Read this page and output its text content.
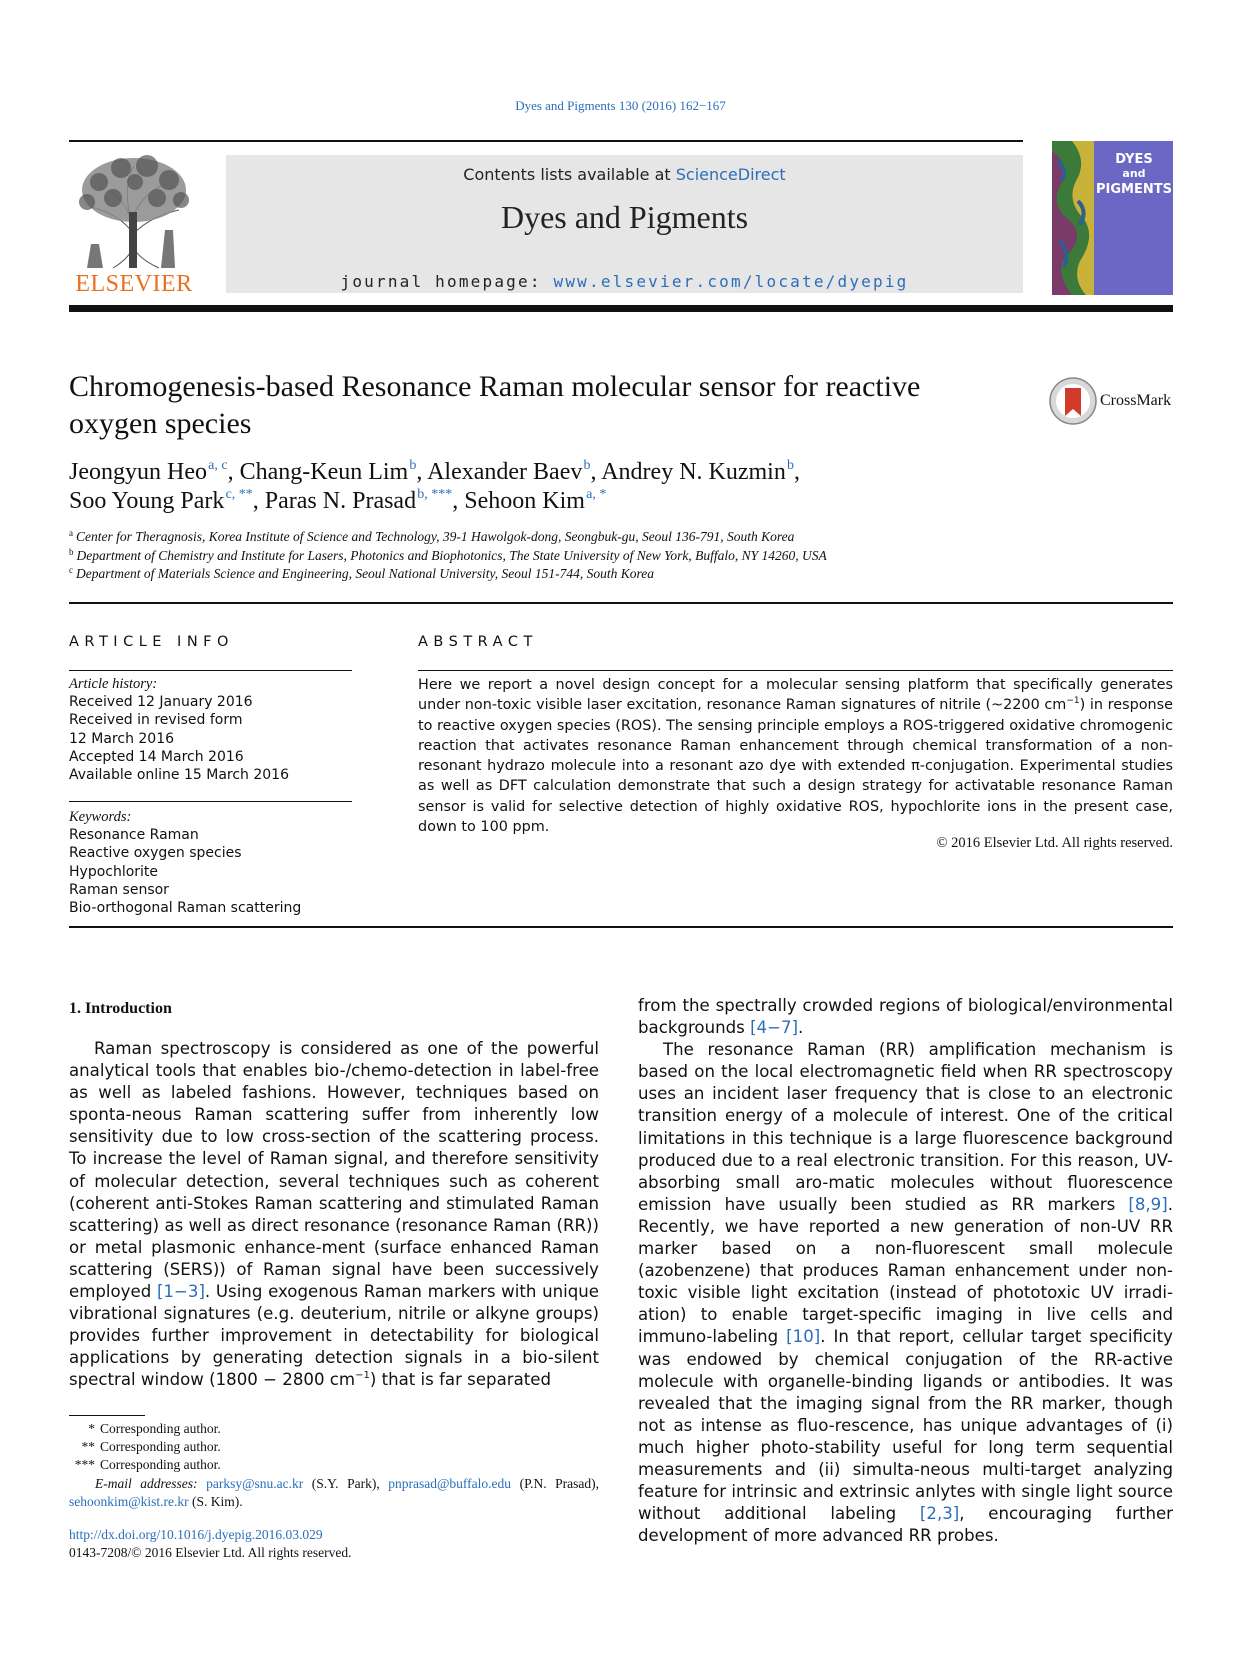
Dyes and Pigments 130 (2016) 162−167
ELSEVIER
Contents lists available at ScienceDirect
Dyes and Pigments
journal homepage: www.elsevier.com/locate/dyepig
DYES
and
PIGMENTS
Chromogenesis-based Resonance Raman molecular sensor for reactive
oxygen species
CrossMark
Jeongyun Heo $^{a, c}$, Chang-Keun Lim $^b$, Alexander Baev $^b$, Andrey N. Kuzmin $^b$,
Soo Young Park $^{c, **}$, Paras N. Prasad $^{b, ***}$, Sehoon Kim $^{a, *}$
$^a$ Center for Theragnosis, Korea Institute of Science and Technology, 39-1 Hawolgok-dong, Seongbuk-gu, Seoul 136-791, South Korea
$^b$ Department of Chemistry and Institute for Lasers, Photonics and Biophotonics, The State University of New York, Buffalo, NY 14260, USA
$^c$ Department of Materials Science and Engineering, Seoul National University, Seoul 151-744, South Korea
ARTICLE INFO
Article history:
Received 12 January 2016
Received in revised form
12 March 2016
Accepted 14 March 2016
Available online 15 March 2016
Keywords:
Resonance Raman
Reactive oxygen species
Hypochlorite
Raman sensor
Bio-orthogonal Raman scattering
ABSTRACT
Here we report a novel design concept for a molecular sensing platform that specifically generates under non-toxic visible laser excitation, resonance Raman signatures of nitrile (~2200 $cm^{-1}$) in response to reactive oxygen species (ROS). The sensing principle employs a ROS-triggered oxidative chromogenic reaction that activates resonance Raman enhancement through chemical transformation of a non-resonant hydrazo molecule into a resonant azo dye with extended π-conjugation. Experimental studies as well as DFT calculation demonstrate that such a design strategy for activatable resonance Raman sensor is valid for selective detection of highly oxidative ROS, hypochlorite ions in the present case, down to 100 ppm.
© 2016 Elsevier Ltd. All rights reserved.
1. Introduction

Raman spectroscopy is considered as one of the powerful analytical tools that enables bio-/chemo-detection in label-free as well as labeled fashions. However, techniques based on sponta-neous Raman scattering suffer from inherently low sensitivity due to low cross-section of the scattering process. To increase the level of Raman signal, and therefore sensitivity of molecular detection, several techniques such as coherent (coherent anti-Stokes Raman scattering and stimulated Raman scattering) as well as direct resonance (resonance Raman (RR)) or metal plasmonic enhance-ment (surface enhanced Raman scattering (SERS)) of Raman signal have been successively employed [1−3]. Using exogenous Raman markers with unique vibrational signatures (e.g. deuterium, nitrile or alkyne groups) provides further improvement in detectability for biological applications by generating detection signals in a bio-silent spectral window (1800 − 2800 $cm^{-1}$) that is far separated

from the spectrally crowded regions of biological/environmental backgrounds [4−7].

The resonance Raman (RR) amplification mechanism is based on the local electromagnetic field when RR spectroscopy uses an incident laser frequency that is close to an electronic transition energy of a molecule of interest. One of the critical limitations in this technique is a large fluorescence background produced due to a real electronic transition. For this reason, UV-absorbing small aro-matic molecules without fluorescence emission have usually been studied as RR markers [8,9]. Recently, we have reported a new generation of non-UV RR marker based on a non-fluorescent small molecule (azobenzene) that produces Raman enhancement under non-toxic visible light excitation (instead of phototoxic UV irradi-ation) to enable target-specific imaging in live cells and immuno-labeling [10]. In that report, cellular target specificity was endowed by chemical conjugation of the RR-active molecule with organelle-binding ligands or antibodies. It was revealed that the imaging signal from the RR marker, though not as intense as fluo-rescence, has unique advantages of (i) much higher photo-stability useful for long term sequential measurements and (ii) simulta-neous multi-target analyzing feature for intrinsic and extrinsic anlytes with single light source without additional labeling [2,3], encouraging further development of more advanced RR probes.

* Corresponding author.
** Corresponding author.
*** Corresponding author.
E-mail addresses: parksy@snu.ac.kr (S.Y. Park), pnprasad@buffalo.edu (P.N. Prasad), sehoonkim@kist.re.kr (S. Kim).
http://dx.doi.org/10.1016/j.dyepig.2016.03.029
0143-7208/© 2016 Elsevier Ltd. All rights reserved.
